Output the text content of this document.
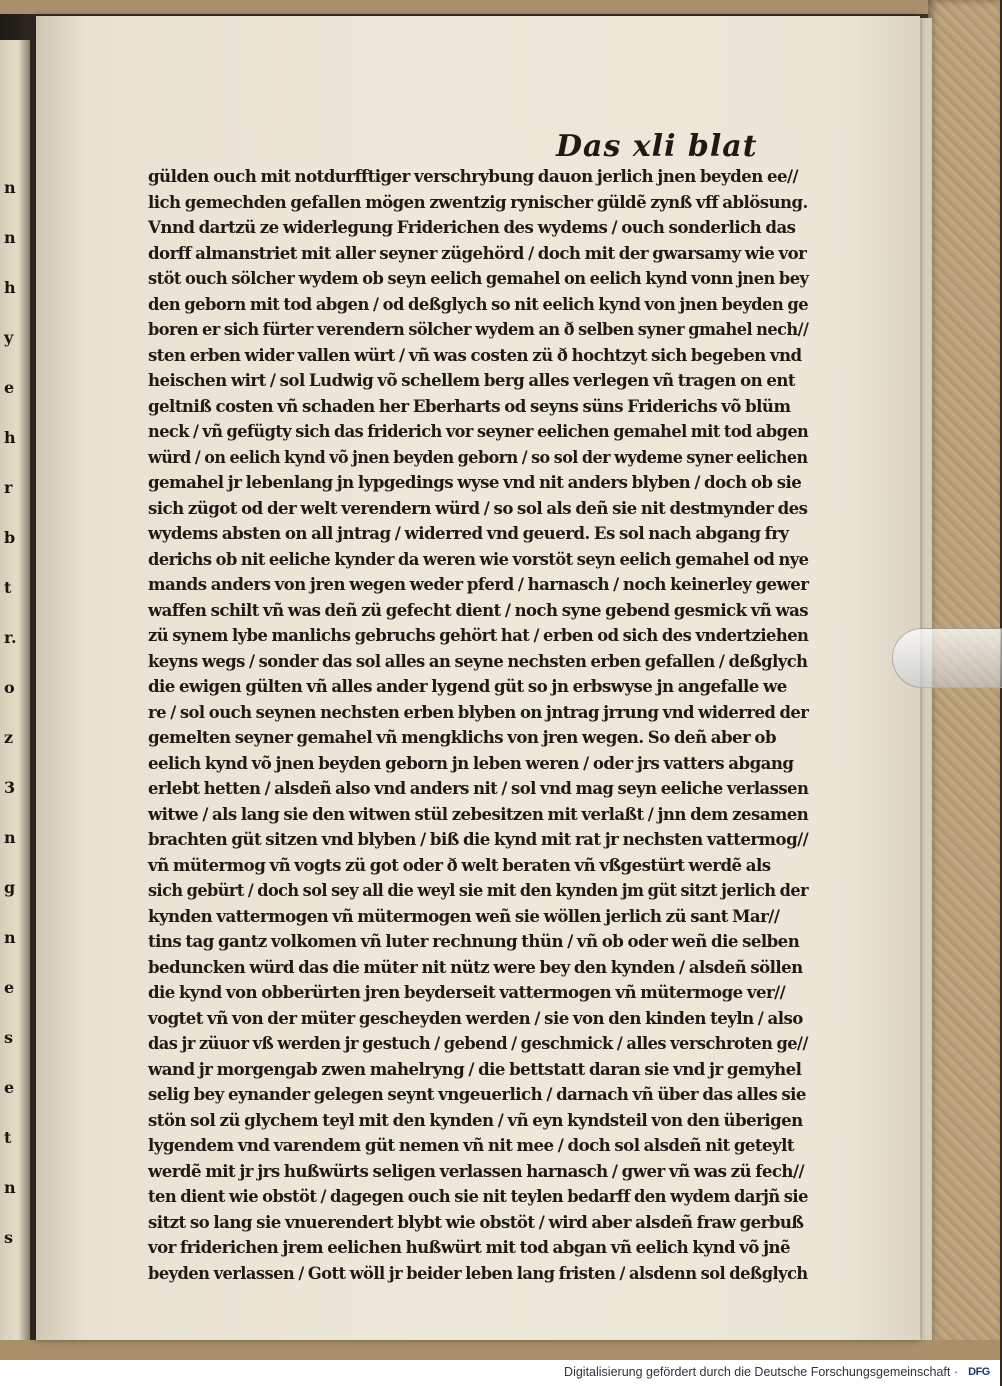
n
n
h
y
e
h
r
b
t
r.
o
z
3
n
g
n
e
s
e
t
n
s
Das xli blat
gülden ouch mit notdurfftiger verschrybung dauon jerlich jnen beyden ee//
lich gemechden gefallen mögen zwentzig rynischer güldẽ zynß vff ablösung.
Vnnd dartzü ze widerlegung Friderichen des wydems / ouch sonderlich das
dorff almanstriet mit aller seyner zügehörd / doch mit der gwarsamy wie vor
stöt ouch sölcher wydem ob seyn eelich gemahel on eelich kynd vonn jnen bey
den geborn mit tod abgen / od deßglych so nit eelich kynd von jnen beyden ge
boren er sich fürter verendern sölcher wydem an ð selben syner gmahel nech//
sten erben wider vallen würt / vñ was costen zü ð hochtzyt sich begeben vnd
heischen wirt / sol Ludwig võ schellem berg alles verlegen vñ tragen on ent
geltniß costen vñ schaden her Eberharts od seyns süns Friderichs võ blüm
neck / vñ gefügty sich das friderich vor seyner eelichen gemahel mit tod abgen
würd / on eelich kynd võ jnen beyden geborn / so sol der wydeme syner eelichen
gemahel jr lebenlang jn lypgedings wyse vnd nit anders blyben / doch ob sie
sich zügot od der welt verendern würd / so sol als deñ sie nit destmynder des
wydems absten on all jntrag / widerred vnd geuerd. Es sol nach abgang fry
derichs ob nit eeliche kynder da weren wie vorstöt seyn eelich gemahel od nye
mands anders von jren wegen weder pferd / harnasch / noch keinerley gewer
waffen schilt vñ was deñ zü gefecht dient / noch syne gebend gesmick vñ was
zü synem lybe manlichs gebruchs gehört hat / erben od sich des vndertziehen
keyns wegs / sonder das sol alles an seyne nechsten erben gefallen / deßglych
die ewigen gülten vñ alles ander lygend güt so jn erbswyse jn angefalle we
re / sol ouch seynen nechsten erben blyben on jntrag jrrung vnd widerred der
gemelten seyner gemahel vñ mengklichs von jren wegen. So deñ aber ob
eelich kynd võ jnen beyden geborn jn leben weren / oder jrs vatters abgang
erlebt hetten / alsdeñ also vnd anders nit / sol vnd mag seyn eeliche verlassen
witwe / als lang sie den witwen stül zebesitzen mit verlaßt / jnn dem zesamen
brachten güt sitzen vnd blyben / biß die kynd mit rat jr nechsten vattermog//
vñ mütermog vñ vogts zü got oder ð welt beraten vñ vßgestürt werdẽ als
sich gebürt / doch sol sey all die weyl sie mit den kynden jm güt sitzt jerlich der
kynden vattermogen vñ mütermogen weñ sie wöllen jerlich zü sant Mar//
tins tag gantz volkomen vñ luter rechnung thün / vñ ob oder weñ die selben
beduncken würd das die müter nit nütz were bey den kynden / alsdeñ söllen
die kynd von obberürten jren beyderseit vattermogen vñ mütermoge ver//
vogtet vñ von der müter gescheyden werden / sie von den kinden teyln / also
das jr züuor vß werden jr gestuch / gebend / geschmick / alles verschroten ge//
wand jr morgengab zwen mahelryng / die bettstatt daran sie vnd jr gemyhel
selig bey eynander gelegen seynt vngeuerlich / darnach vñ über das alles sie
stön sol zü glychem teyl mit den kynden / vñ eyn kyndsteil von den überigen
lygendem vnd varendem güt nemen vñ nit mee / doch sol alsdeñ nit geteylt
werdẽ mit jr jrs hußwürts seligen verlassen harnasch / gwer vñ was zü fech//
ten dient wie obstöt / dagegen ouch sie nit teylen bedarff den wydem darjñ sie
sitzt so lang sie vnuerendert blybt wie obstöt / wird aber alsdeñ fraw gerbuß
vor friderichen jrem eelichen hußwürt mit tod abgan vñ eelich kynd võ jnẽ
beyden verlassen / Gott wöll jr beider leben lang fristen / alsdenn sol deßglych
Digitalisierung gefördert durch die Deutsche Forschungsgemeinschaft · DFG
